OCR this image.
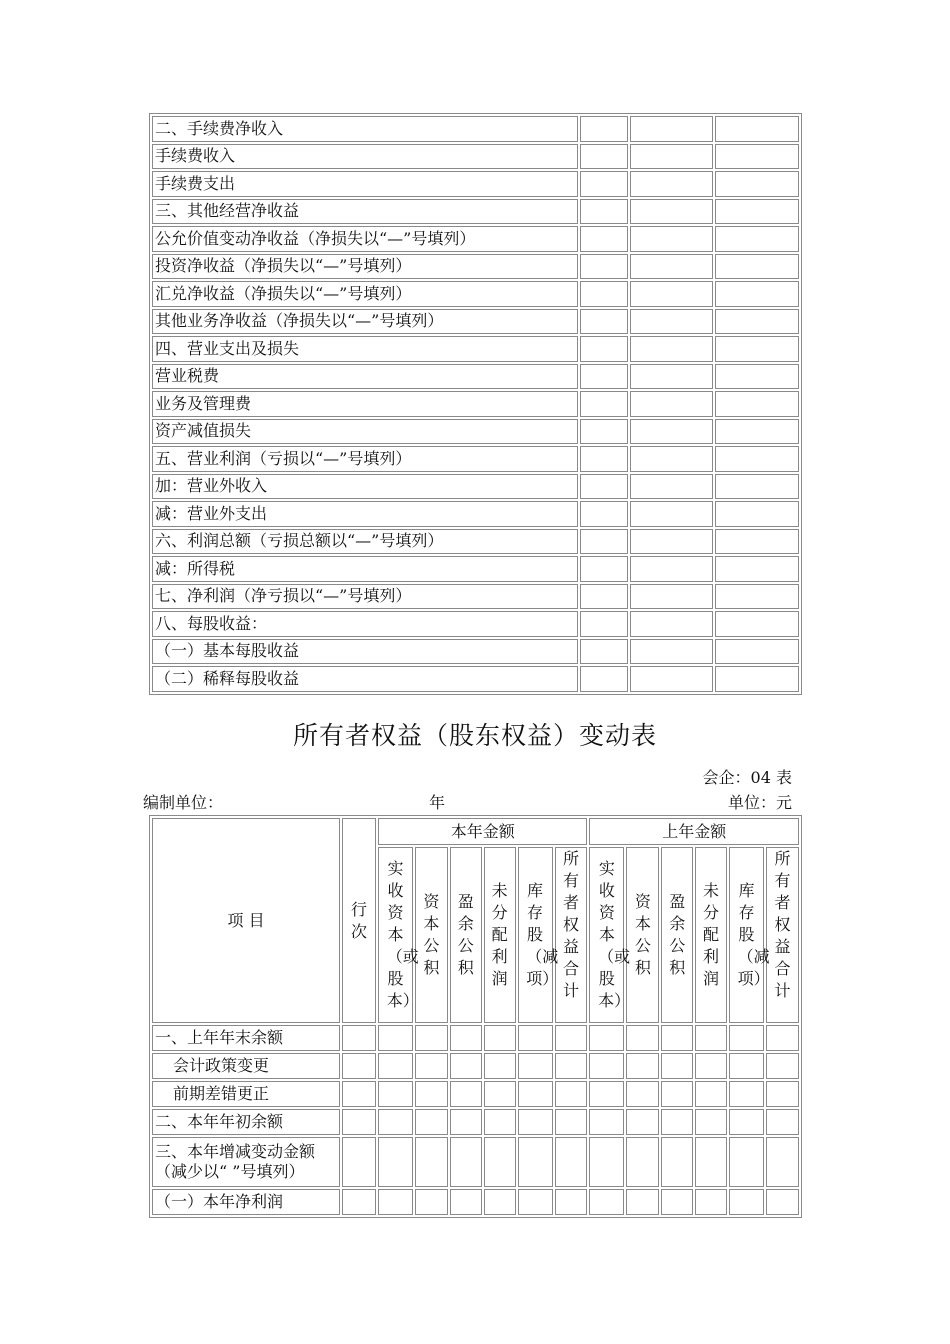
二、手续费净收入			
手续费收入			
手续费支出			
三、其他经营净收益			
公允价值变动净收益（净损失以“—”号填列）			
投资净收益（净损失以“—”号填列）			
汇兑净收益（净损失以“—”号填列）			
其他业务净收益（净损失以“—”号填列）			
四、营业支出及损失			
营业税费			
业务及管理费			
资产减值损失			
五、营业利润（亏损以“—”号填列）			
加：营业外收入			
减：营业外支出			
六、利润总额（亏损总额以“—”号填列）			
减：所得税			
七、净利润（净亏损以“—”号填列）			
八、每股收益：			
（一）基本每股收益			
（二）稀释每股收益			
所有者权益（股东权益）变动表
会企：04 表
编制单位：	年	单位：元
项 目	行次	本年金额						上年金额					
		实收资本（或股本）	资本公积	盈余公积	未分配利润	库存股（减项）	所有者权益合计	实收资本（或股本）	资本公积	盈余公积	未分配利润	库存股（减项）	所有者权益合计
一、上年年末余额													
会计政策变更													
前期差错更正													
二、本年年初余额													

三、本年增减变动金额
（减少以“ ”号填列）													

（一）本年净利润													
